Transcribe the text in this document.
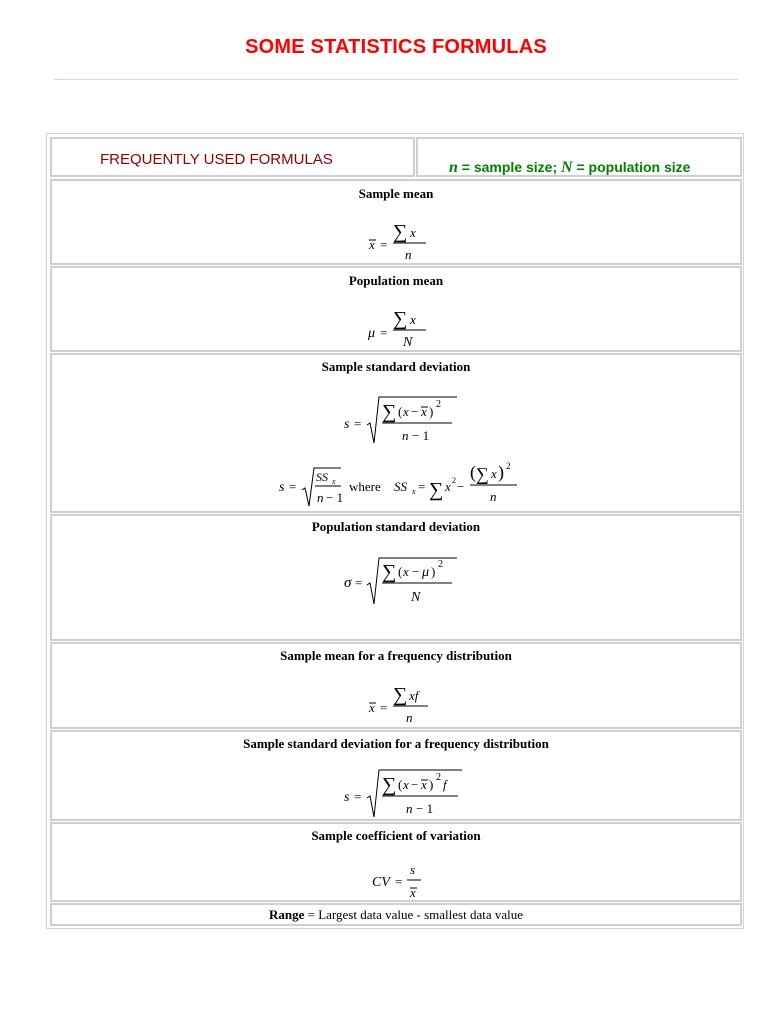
SOME STATISTICS FORMULAS
FREQUENTLY USED FORMULAS	n = sample size; N = population size
Sample mean
x =
∑ x
n
Population mean
μ =
∑ x
N
Sample standard deviation
s =
∑ ( x − x ) 2
n − 1
s =
SS x
n − 1
where SS x = ∑ x 2 −
( ∑ x ) 2
n
Population standard deviation
σ = ∑ ( x − μ ) 2
N
Sample mean for a frequency distribution
x =
∑ xf
n
Sample standard deviation for a frequency distribution
s =
∑ ( x − x ) 2 f
n − 1
Sample coefficient of variation
CV =
s
x
Range = Largest data value - smallest data value
